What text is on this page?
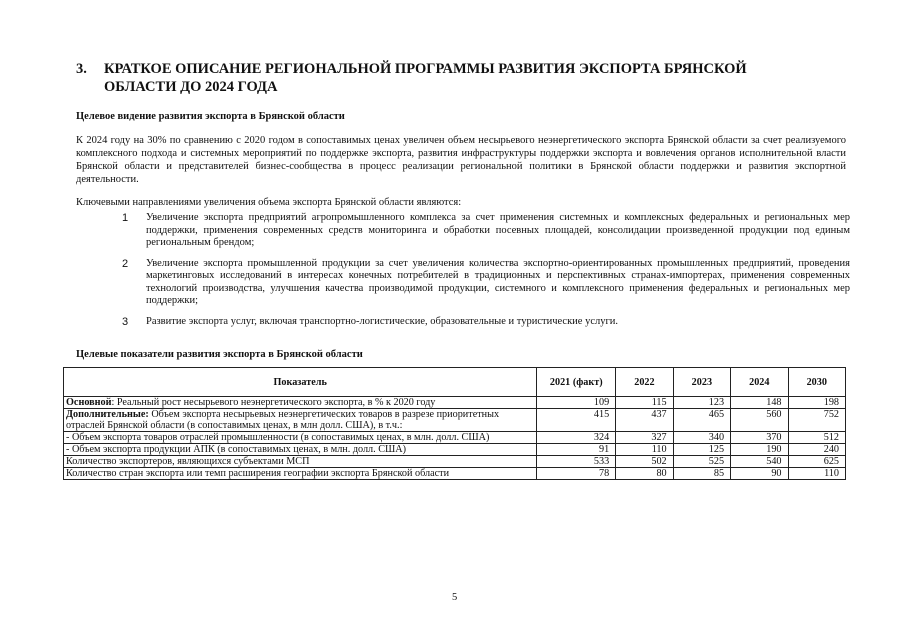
3.	КРАТКОЕ ОПИСАНИЕ РЕГИОНАЛЬНОЙ ПРОГРАММЫ РАЗВИТИЯ ЭКСПОРТА БРЯНСКОЙ ОБЛАСТИ ДО 2024 ГОДА
Целевое видение развития экспорта в Брянской области
К 2024 году на 30% по сравнению с 2020 годом в сопоставимых ценах увеличен объем несырьевого неэнергетического экспорта Брянской области за счет реализуемого комплексного подхода и системных мероприятий по поддержке экспорта, развития инфраструктуры поддержки экспорта и вовлечения органов исполнительной власти Брянской области и представителей бизнес-сообщества в процесс реализации региональной политики в Брянской области поддержки и развития экспортной деятельности.
Ключевыми направлениями увеличения объема экспорта Брянской области являются:
1	Увеличение экспорта предприятий агропромышленного комплекса за счет применения системных и комплексных федеральных и региональных мер поддержки, применения современных средств мониторинга и обработки посевных площадей, консолидации произведенной продукции под единым региональным брендом;
2	Увеличение экспорта промышленной продукции за счет увеличения количества экспортно-ориентированных промышленных предприятий, проведения маркетинговых исследований в интересах конечных потребителей в традиционных и перспективных странах-импортерах, применения современных технологий производства, улучшения качества производимой продукции, системного и комплексного применения федеральных и региональных мер поддержки;
3	Развитие экспорта услуг, включая транспортно-логистические, образовательные и туристические услуги.
Целевые показатели развития экспорта в Брянской области
Показатель	2021 (факт)	2022	2023	2024	2030
Основной: Реальный рост несырьевого неэнергетического экспорта, в % к 2020 году	109	115	123	148	198
Дополнительные: Объем экспорта несырьевых неэнергетических товаров в разрезе приоритетных отраслей Брянской области (в сопоставимых ценах, в млн долл. США), в т.ч.:	415	437	465	560	752
- Объем экспорта товаров отраслей промышленности (в сопоставимых ценах, в млн. долл. США)	324	327	340	370	512
- Объем экспорта продукции АПК (в сопоставимых ценах, в млн. долл. США)	91	110	125	190	240
Количество экспортеров, являющихся субъектами МСП	533	502	525	540	625
Количество стран экспорта или темп расширения географии экспорта Брянской области	78	80	85	90	110
5
